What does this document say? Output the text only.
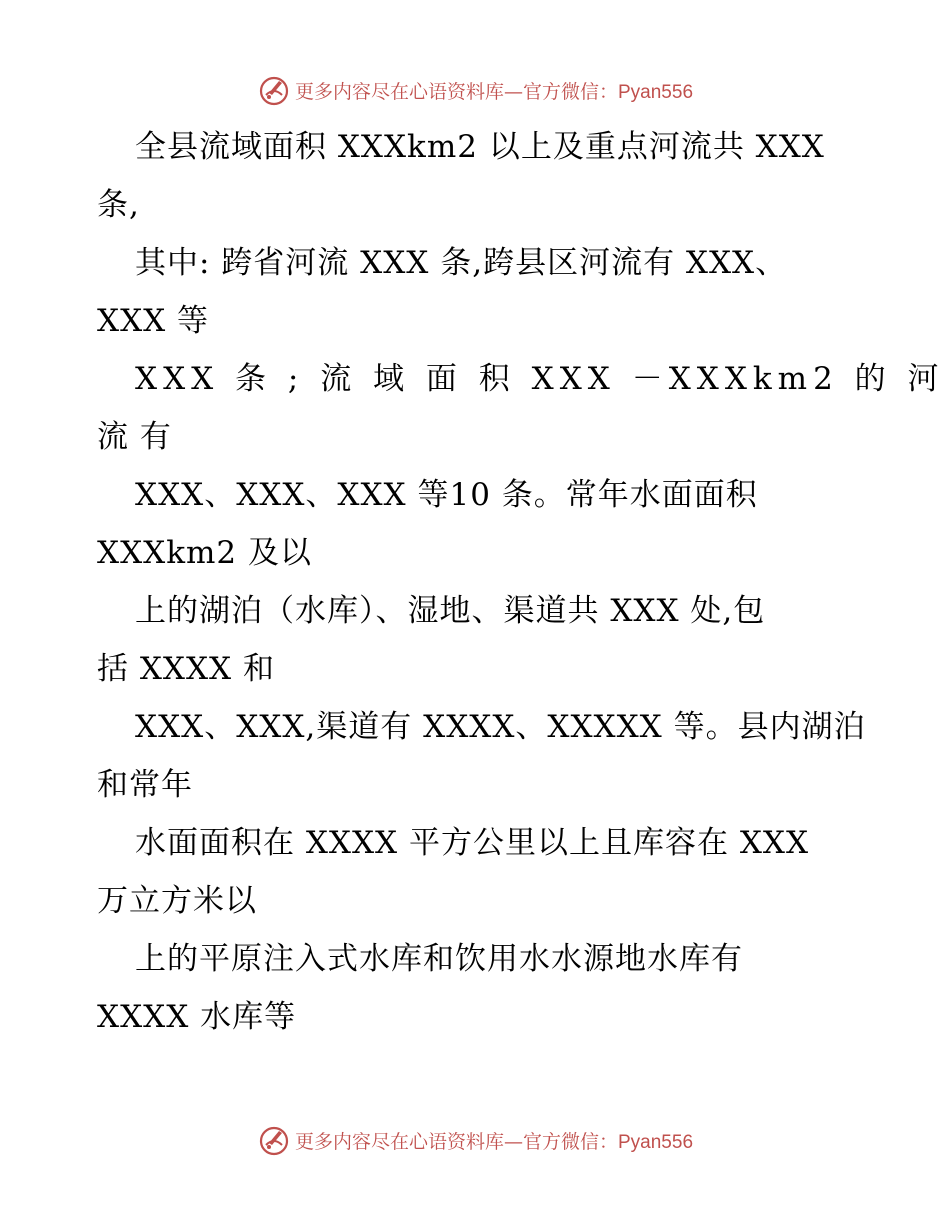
更多内容尽在心语资料库—官方微信：Pyan556
全县流域面积 XXXkm2 以上及重点河流共 XXX
条,
其中: 跨省河流 XXX 条,跨县区河流有 XXX、
XXX 等
XXX 条 ; 流 域 面 积 XXX －XXXkm2 的 河
流 有
XXX、XXX、XXX 等10 条。常年水面面积
XXXkm2 及以
上的湖泊（水库）、湿地、渠道共 XXX 处,包
括 XXXX 和
XXX、XXX,渠道有 XXXX、XXXXX 等。县内湖泊
和常年
水面面积在 XXXX 平方公里以上且库容在 XXX
万立方米以
上的平原注入式水库和饮用水水源地水库有
XXXX 水库等
更多内容尽在心语资料库—官方微信：Pyan556
